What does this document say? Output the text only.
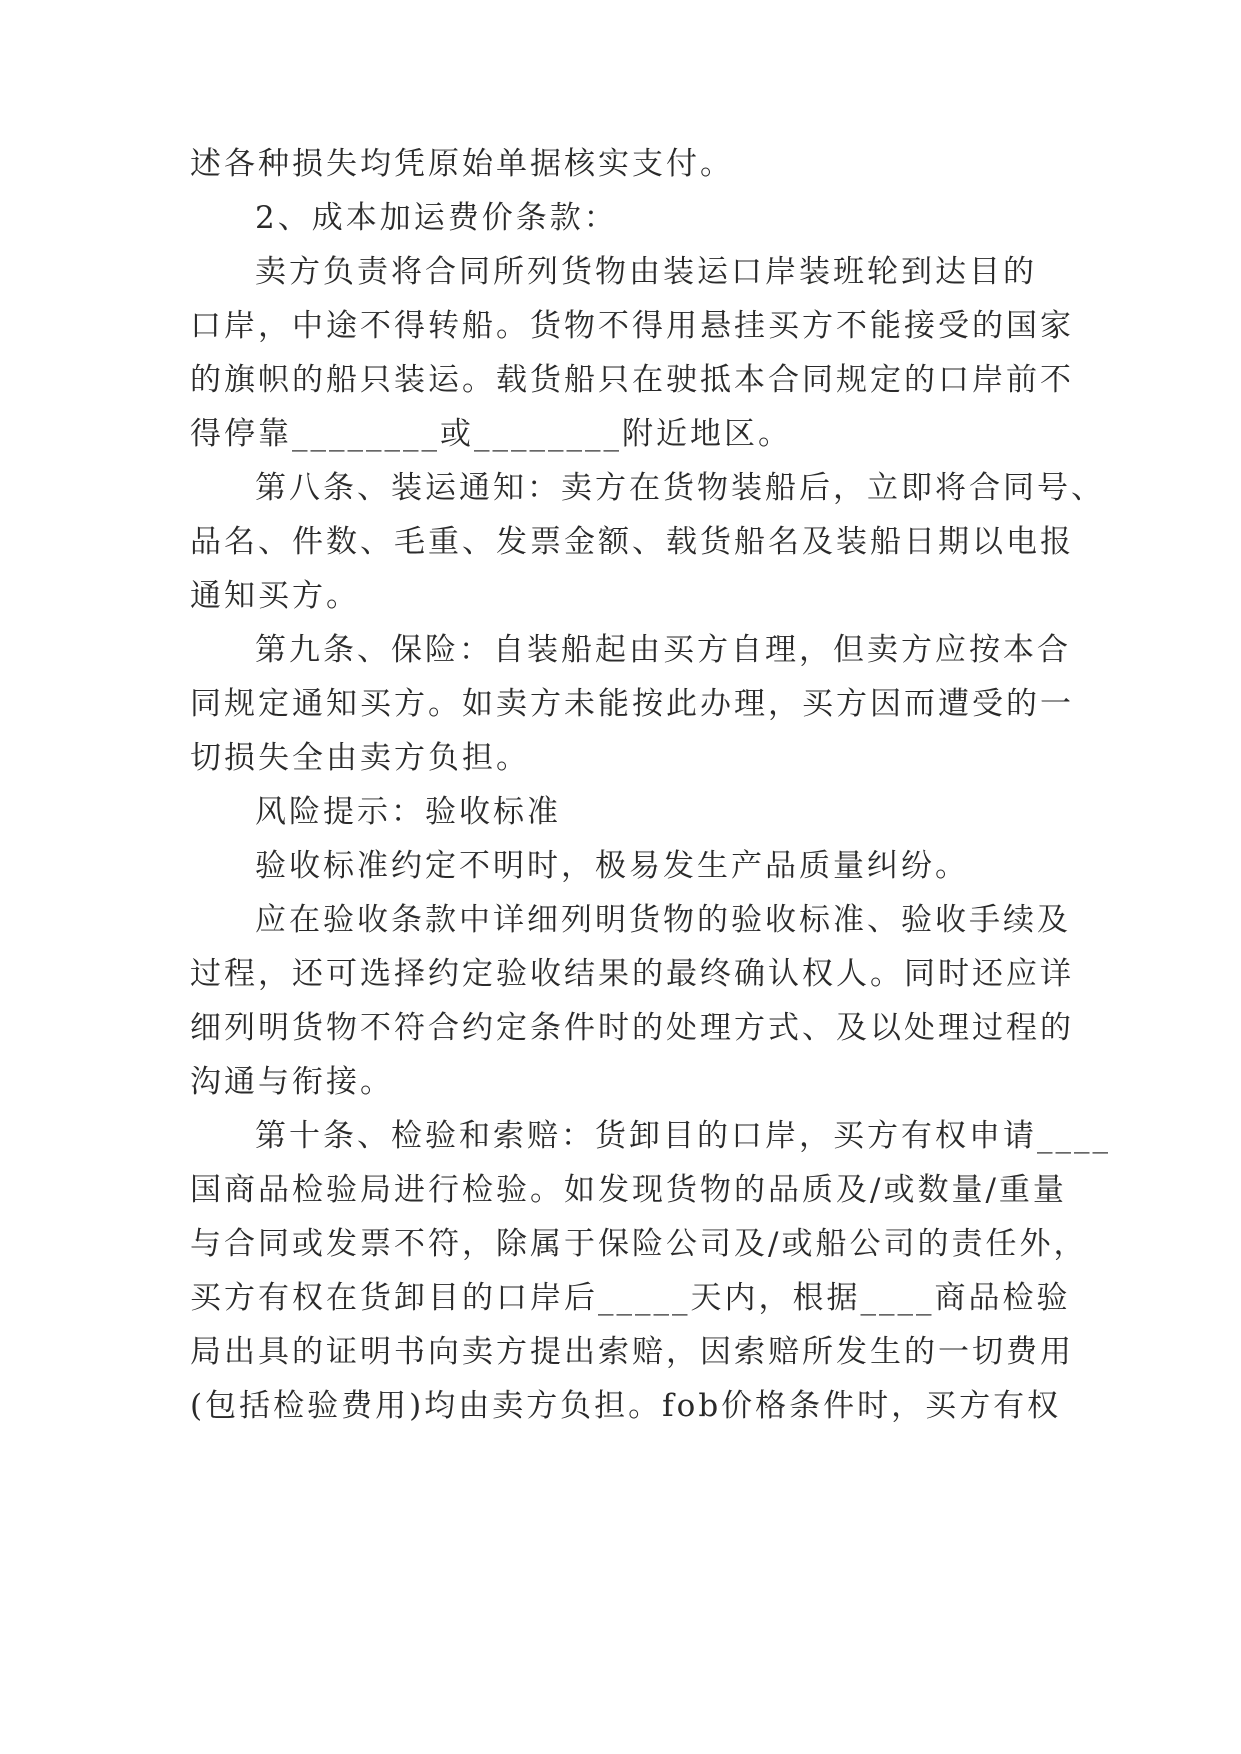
述各种损失均凭原始单据核实支付。
2、成本加运费价条款：
卖方负责将合同所列货物由装运口岸装班轮到达目的
口岸，中途不得转船。货物不得用悬挂买方不能接受的国家
的旗帜的船只装运。载货船只在驶抵本合同规定的口岸前不
得停靠________或________附近地区。
第八条、装运通知：卖方在货物装船后，立即将合同号、
品名、件数、毛重、发票金额、载货船名及装船日期以电报
通知买方。
第九条、保险：自装船起由买方自理，但卖方应按本合
同规定通知买方。如卖方未能按此办理，买方因而遭受的一
切损失全由卖方负担。
风险提示：验收标准
验收标准约定不明时，极易发生产品质量纠纷。
应在验收条款中详细列明货物的验收标准、验收手续及
过程，还可选择约定验收结果的最终确认权人。同时还应详
细列明货物不符合约定条件时的处理方式、及以处理过程的
沟通与衔接。
第十条、检验和索赔：货卸目的口岸，买方有权申请____
国商品检验局进行检验。如发现货物的品质及/或数量/重量
与合同或发票不符，除属于保险公司及/或船公司的责任外，
买方有权在货卸目的口岸后_____天内，根据____商品检验
局出具的证明书向卖方提出索赔，因索赔所发生的一切费用
(包括检验费用)均由卖方负担。fob价格条件时，买方有权
